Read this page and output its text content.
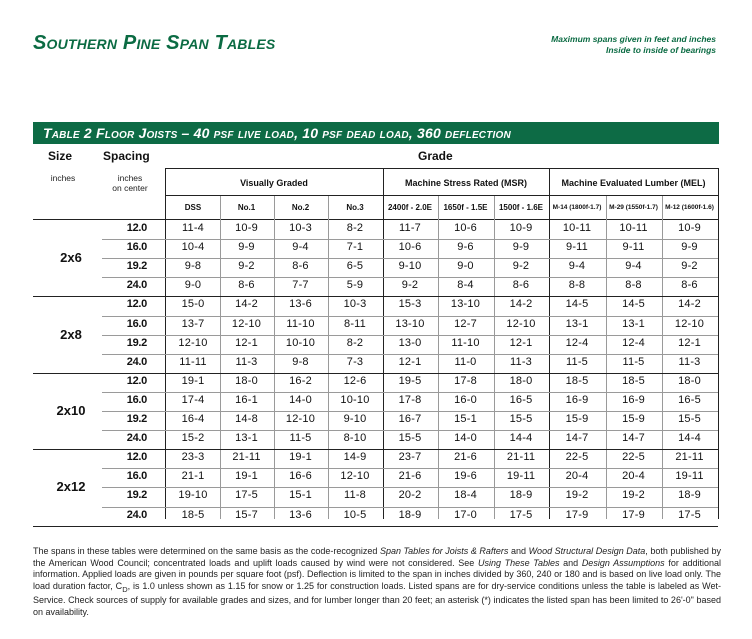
Southern Pine Span Tables	Maximum spans given in feet and inches
Inside to inside of bearings
Table 2 Floor Joists – 40 psf live load, 10 psf dead load, 360 deflection
Size
inches
Spacing
inches
on center
Grade
Visually Graded	Machine Stress Rated (MSR)	Machine Evaluated Lumber (MEL)
DSS	No.1	No.2	No.3	2400f - 2.0E	1650f - 1.5E	1500f - 1.6E	M-14 (1800f-1.7)	M-29 (1550f-1.7)	M-12 (1600f-1.6)
2x6
12.0	11-4	10-9	10-3	8-2	11-7	10-6	10-9	10-11	10-11	10-9
16.0	10-4	9-9	9-4	7-1	10-6	9-6	9-9	9-11	9-11	9-9
19.2	9-8	9-2	8-6	6-5	9-10	9-0	9-2	9-4	9-4	9-2
24.0	9-0	8-6	7-7	5-9	9-2	8-4	8-6	8-8	8-8	8-6
2x8
12.0	15-0	14-2	13-6	10-3	15-3	13-10	14-2	14-5	14-5	14-2
16.0	13-7	12-10	11-10	8-11	13-10	12-7	12-10	13-1	13-1	12-10
19.2	12-10	12-1	10-10	8-2	13-0	11-10	12-1	12-4	12-4	12-1
24.0	11-11	11-3	9-8	7-3	12-1	11-0	11-3	11-5	11-5	11-3
2x10
12.0	19-1	18-0	16-2	12-6	19-5	17-8	18-0	18-5	18-5	18-0
16.0	17-4	16-1	14-0	10-10	17-8	16-0	16-5	16-9	16-9	16-5
19.2	16-4	14-8	12-10	9-10	16-7	15-1	15-5	15-9	15-9	15-5
24.0	15-2	13-1	11-5	8-10	15-5	14-0	14-4	14-7	14-7	14-4
2x12
12.0	23-3	21-11	19-1	14-9	23-7	21-6	21-11	22-5	22-5	21-11
16.0	21-1	19-1	16-6	12-10	21-6	19-6	19-11	20-4	20-4	19-11
19.2	19-10	17-5	15-1	11-8	20-2	18-4	18-9	19-2	19-2	18-9
24.0	18-5	15-7	13-6	10-5	18-9	17-0	17-5	17-9	17-9	17-5
The spans in these tables were determined on the same basis as the code-recognized Span Tables for Joists & Rafters and Wood Structural Design Data, both published by the American Wood Council; concentrated loads and uplift loads caused by wind were not considered. See Using These Tables and Design Assumptions for additional information. Applied loads are given in pounds per square foot (psf). Deflection is limited to the span in inches divided by 360, 240 or 180 and is based on live load only. The load duration factor, $C_D$, is 1.0 unless shown as 1.15 for snow or 1.25 for construction loads. Listed spans are for dry-service conditions unless the table is labeled as Wet-Service. Check sources of supply for available grades and sizes, and for lumber longer than 20 feet; an asterisk (*) indicates the listed span has been limited to 26'-0" based on availability.
